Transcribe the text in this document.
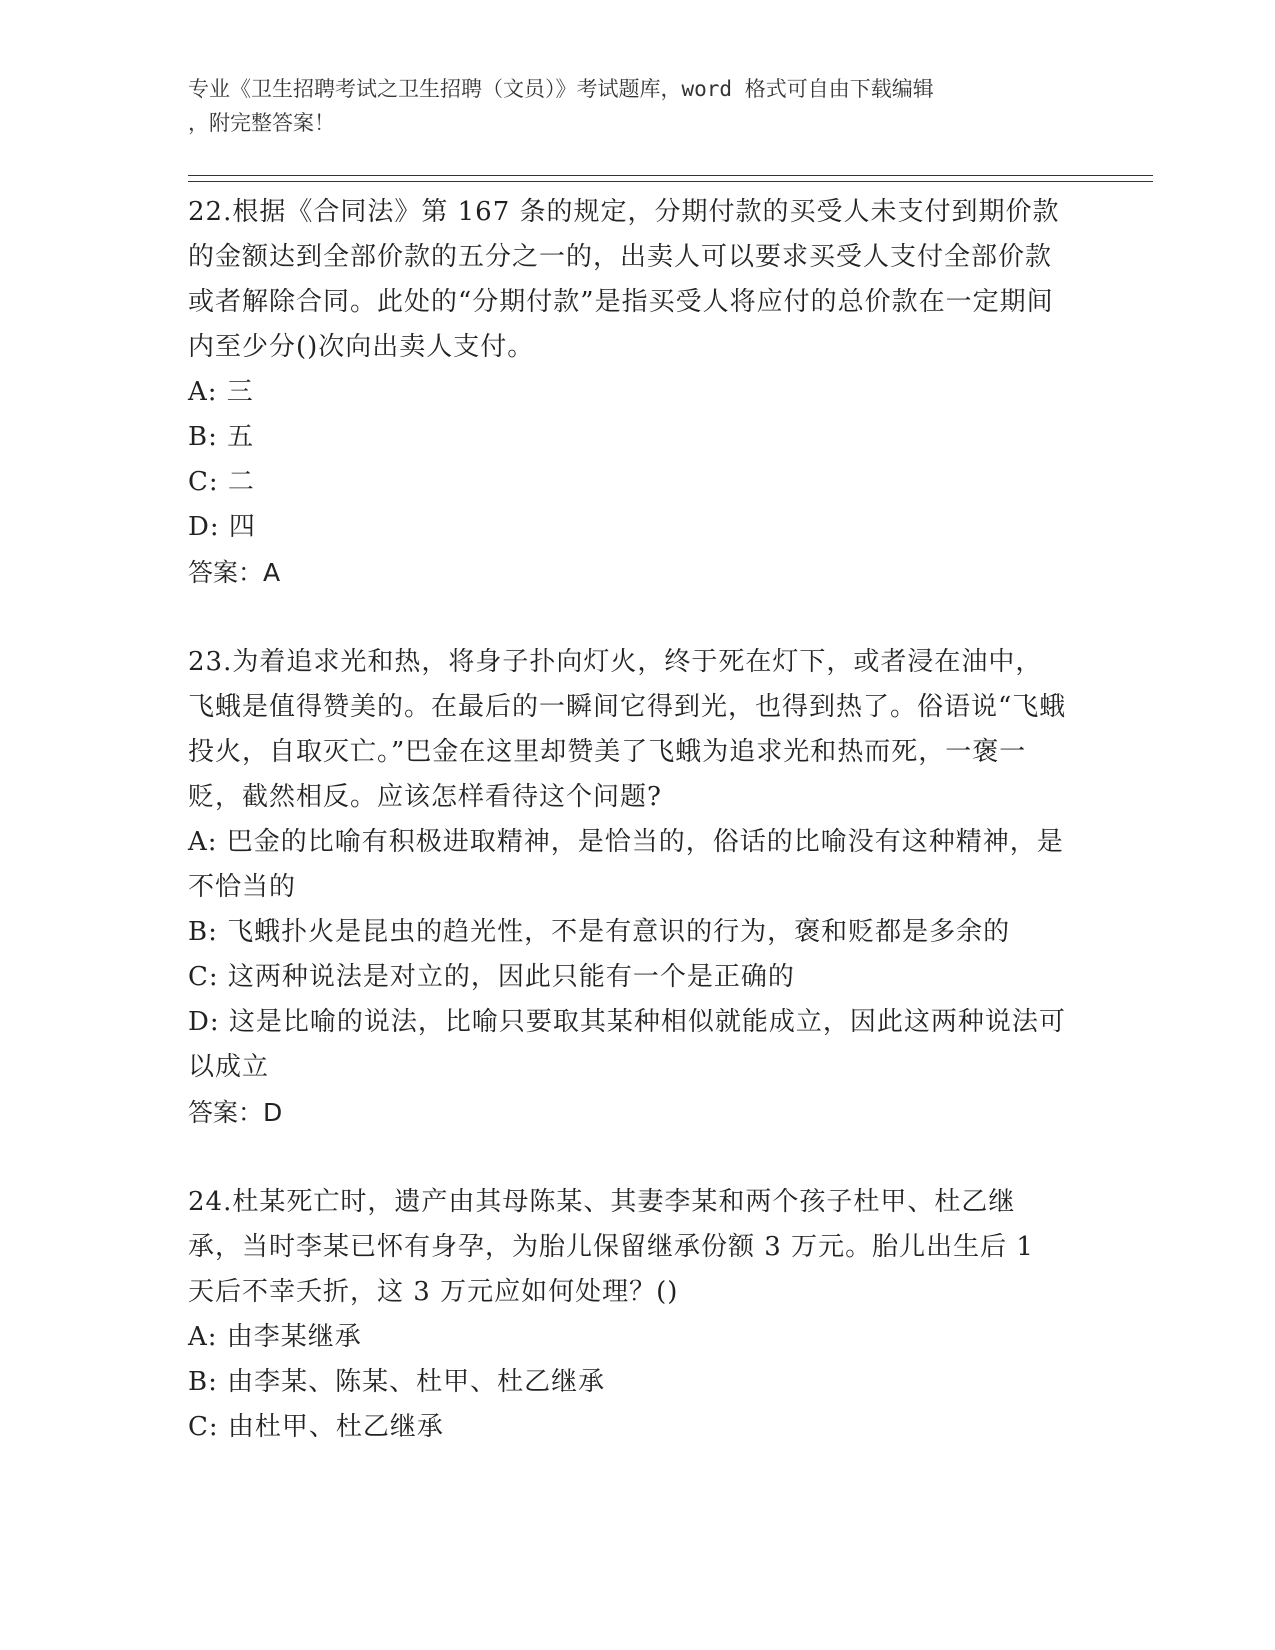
专业《卫生招聘考试之卫生招聘（文员）》考试题库，word 格式可自由下载编辑
，附完整答案！
22.根据《合同法》第 167 条的规定，分期付款的买受人未支付到期价款的金额达到全部价款的五分之一的，出卖人可以要求买受人支付全部价款或者解除合同。此处的“分期付款”是指买受人将应付的总价款在一定期间内至少分()次向出卖人支付。
A: 三
B: 五
C: 二
D: 四
答案：A
23.为着追求光和热，将身子扑向灯火，终于死在灯下，或者浸在油中，飞蛾是值得赞美的。在最后的一瞬间它得到光，也得到热了。俗语说“飞蛾投火，自取灭亡。”巴金在这里却赞美了飞蛾为追求光和热而死，一褒一贬，截然相反。应该怎样看待这个问题?
A: 巴金的比喻有积极进取精神，是恰当的，俗话的比喻没有这种精神，是不恰当的
B: 飞蛾扑火是昆虫的趋光性，不是有意识的行为，褒和贬都是多余的
C: 这两种说法是对立的，因此只能有一个是正确的
D: 这是比喻的说法，比喻只要取其某种相似就能成立，因此这两种说法可以成立
答案：D
24.杜某死亡时，遗产由其母陈某、其妻李某和两个孩子杜甲、杜乙继承，当时李某已怀有身孕，为胎儿保留继承份额 3 万元。胎儿出生后 1 天后不幸夭折，这 3 万元应如何处理？()
A: 由李某继承
B: 由李某、陈某、杜甲、杜乙继承
C: 由杜甲、杜乙继承
